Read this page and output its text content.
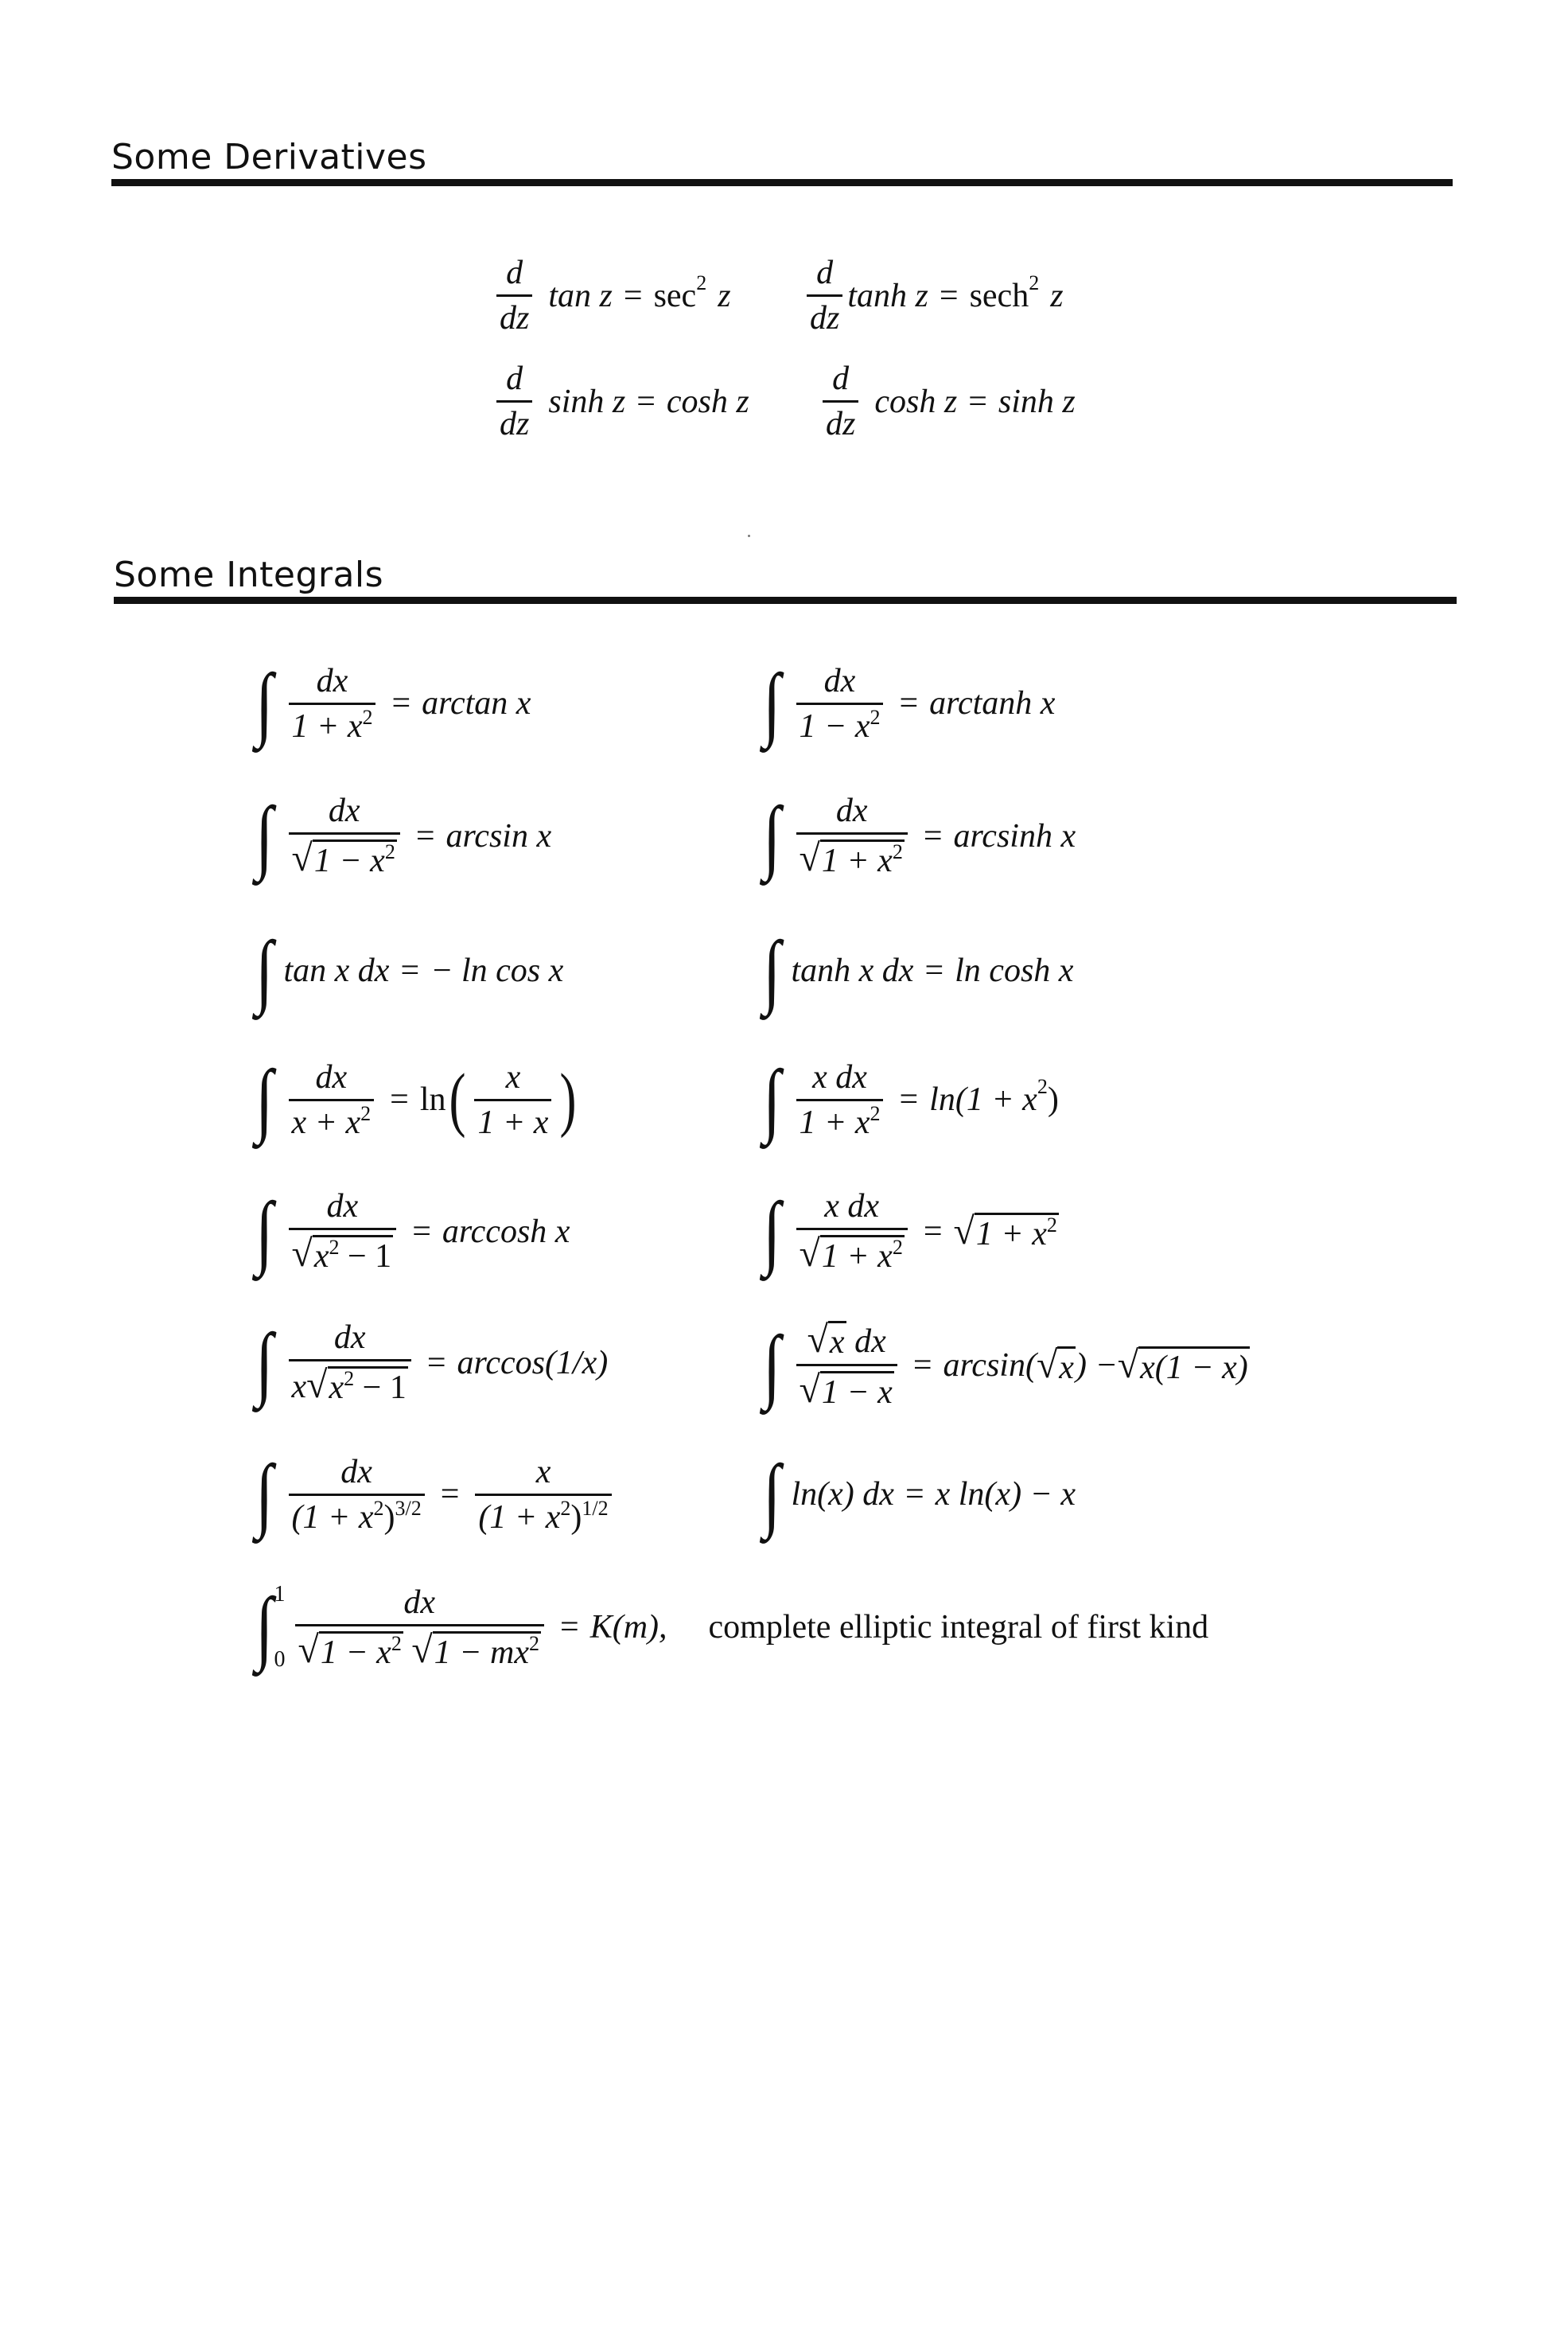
Some Derivatives
$\frac{d}{dz}$ tan z = sec 2 z $\frac{d}{dz}$ tanh z = sech 2 z
$\frac{d}{dz}$ sinh z = cosh z $\frac{d}{dz}$ cosh z = sinh z
Some Integrals
∫ $\frac{dx}{1 + x^2} = \arctan x$	∫ $\frac{dx}{1 - x^2} = \arctan h$ x
∫ $\frac{dx}{√ 1 - x^2} = \arcsin x$	∫ $\frac{dx}{√ 1 + x^2} = \arcsin h$ x
∫ tan x dx = − ln cos x ∫ tanh x dx = ln cosh x
∫ $\frac{dx}{x + x^2} = \ln$ ( $\frac{x}{1 + x}$ ) ∫ $\frac{\text{x dx}}{1 + x^2} = \ln(1 + x$ 2 )
∫ $\frac{dx}{√ x^2 - 1} = \arccos h$ x ∫ $\frac{\text{x dx}}{√ 1 + x^2}$ = √ $1 + x^2$
∫ $\frac{dx}{x √ x^2 - 1} = \arccos(1/x)$ ∫ $\frac{\text{√ x dx}}{√ 1 - x} = \arcsin$( √ x ) − √ x(1 − x)
∫ $\frac{dx}{(1 + x^2)^{3/2}} = \frac{x}{(1 + x^2)^{1/2}}$ ∫ ln(x) dx = x ln(x) − x
∫ 1
0 dx
√ $1 - x^2$
√ $1 - mx^2 = K(m)$, complete elliptic integral of first kind
